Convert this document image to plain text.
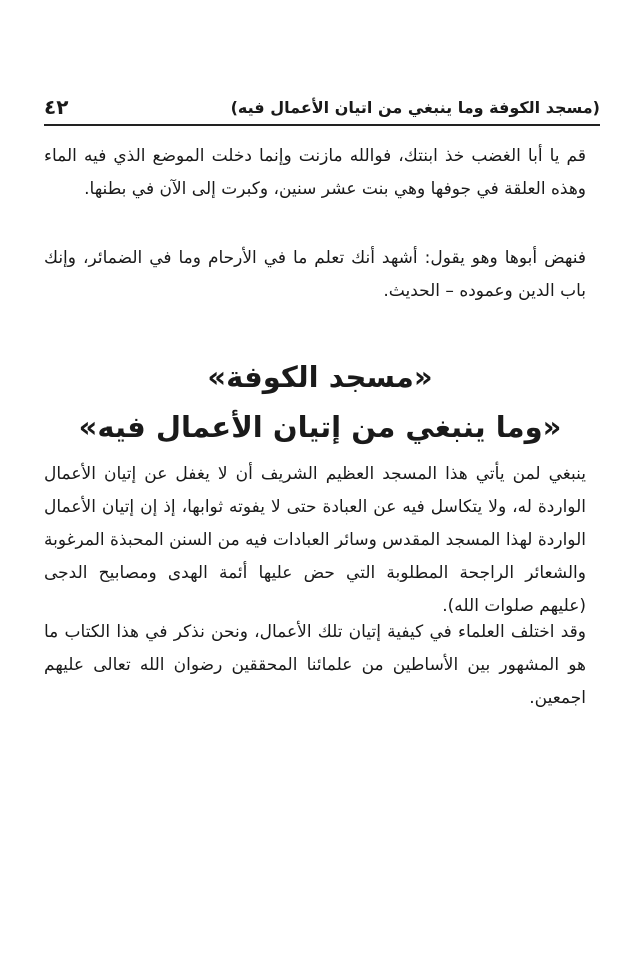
(مسجد الكوفة وما ينبغي من اتيان الأعمال فيه)
٤٢
قم يا أبا الغضب خذ ابنتك، فوالله مازنت وإنما دخلت الموضع الذي فيه الماء وهذه العلقة في جوفها وهي بنت عشر سنين، وكبرت إلى الآن في بطنها.
فنهض أبوها وهو يقول: أشهد أنك تعلم ما في الأرحام وما في الضمائر، وإنك باب الدين وعموده – الحديث.
«مسجد الكوفة»
«وما ينبغي من إتيان الأعمال فيه»
ينبغي لمن يأتي هذا المسجد العظيم الشريف أن لا يغفل عن إتيان الأعمال الواردة له، ولا يتكاسل فيه عن العبادة حتى لا يفوته ثوابها، إذ إن إتيان الأعمال الواردة لهذا المسجد المقدس وسائر العبادات فيه من السنن المحبذة المرغوبة والشعائر الراجحة المطلوبة التي حض عليها أئمة الهدى ومصابيح الدجى (عليهم صلوات الله).
وقد اختلف العلماء في كيفية إتيان تلك الأعمال، ونحن نذكر في هذا الكتاب ما هو المشهور بين الأساطين من علمائنا المحققين رضوان الله تعالى عليهم اجمعين.
